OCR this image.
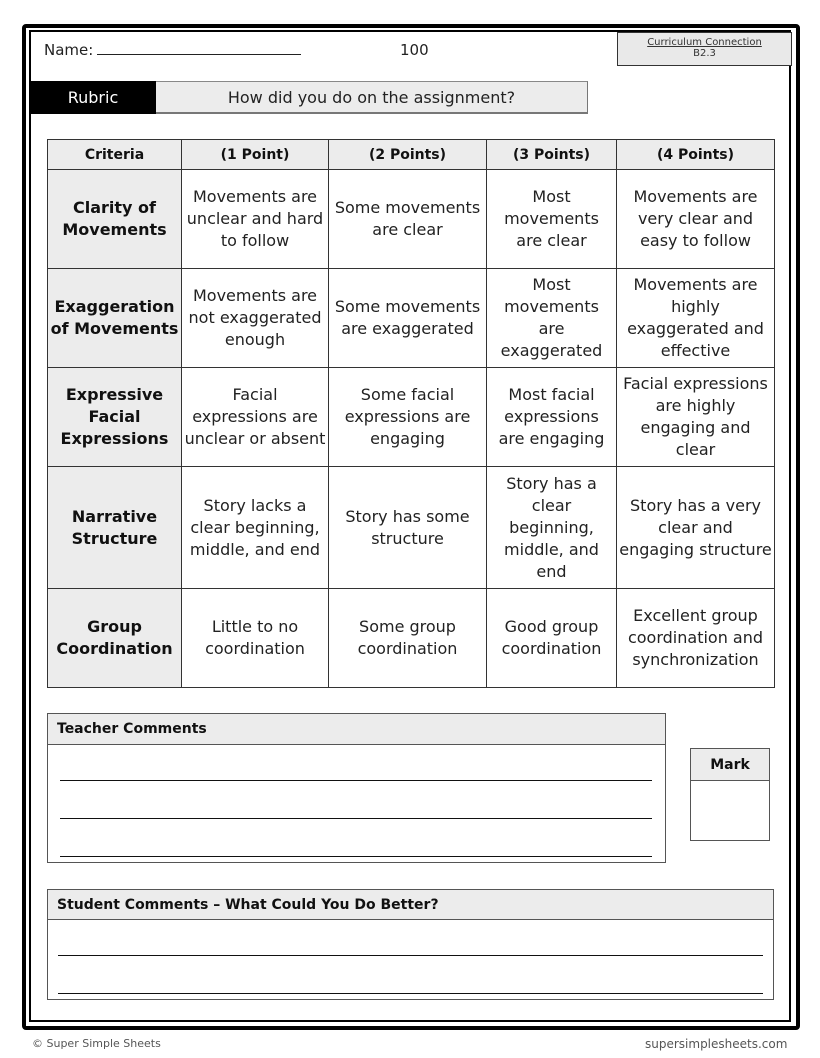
Name:	100	Curriculum Connection
B2.3
Rubric	How did you do on the assignment?
Criteria	(1 Point)	(2 Points)	(3 Points)	(4 Points)
Clarity of Movements	Movements are unclear and hard to follow	Some movements are clear	Most movements are clear	Movements are very clear and easy to follow
Exaggeration of Movements	Movements are not exaggerated enough	Some movements are exaggerated	Most movements are exaggerated	Movements are highly exaggerated and effective
Expressive Facial Expressions	Facial expressions are unclear or absent	Some facial expressions are engaging	Most facial expressions are engaging	Facial expressions are highly engaging and clear
Narrative Structure	Story lacks a clear beginning, middle, and end	Story has some structure	Story has a clear beginning, middle, and end	Story has a very clear and engaging structure
Group Coordination	Little to no coordination	Some group coordination	Good group coordination	Excellent group coordination and synchronization
Teacher Comments
Mark
Student Comments – What Could You Do Better?
© Super Simple Sheets	supersimplesheets.com
